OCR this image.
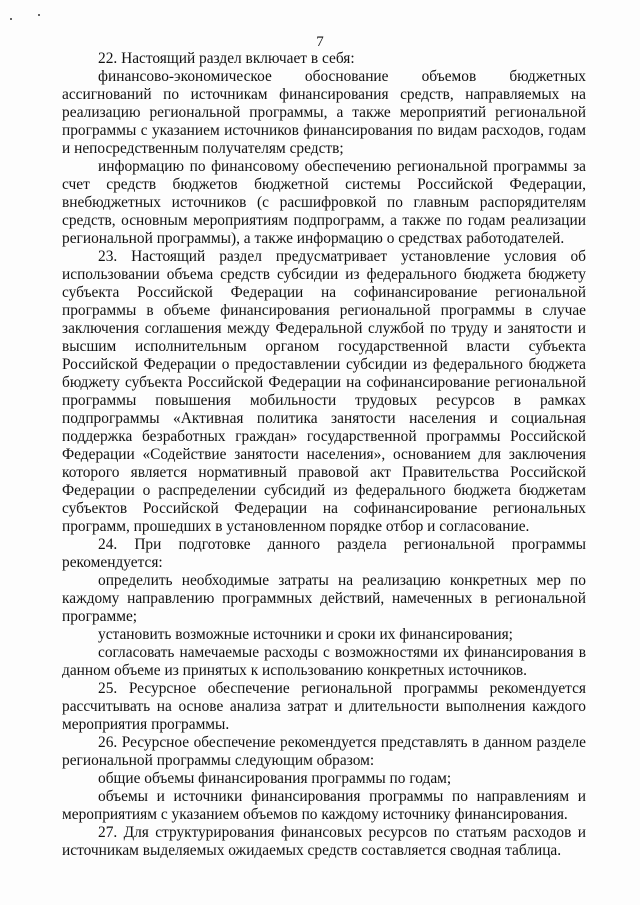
7

22. Настоящий раздел включает в себя:

финансово-экономическое обоснование объемов бюджетных ассигнований по источникам финансирования средств, направляемых на реализацию региональной программы, а также мероприятий региональной программы с указанием источников финансирования по видам расходов, годам и непосредственным получателям средств;

информацию по финансовому обеспечению региональной программы за счет средств бюджетов бюджетной системы Российской Федерации, внебюджетных источников (с расшифровкой по главным распорядителям средств, основным мероприятиям подпрограмм, а также по годам реализации региональной программы), а также информацию о средствах работодателей.

23. Настоящий раздел предусматривает установление условия об использовании объема средств субсидии из федерального бюджета бюджету субъекта Российской Федерации на софинансирование региональной программы в объеме финансирования региональной программы в случае заключения соглашения между Федеральной службой по труду и занятости и высшим исполнительным органом государственной власти субъекта Российской Федерации о предоставлении субсидии из федерального бюджета бюджету субъекта Российской Федерации на софинансирование региональной программы повышения мобильности трудовых ресурсов в рамках подпрограммы «Активная политика занятости населения и социальная поддержка безработных граждан» государственной программы Российской Федерации «Содействие занятости населения», основанием для заключения которого является нормативный правовой акт Правительства Российской Федерации о распределении субсидий из федерального бюджета бюджетам субъектов Российской Федерации на софинансирование региональных программ, прошедших в установленном порядке отбор и согласование.

24. При подготовке данного раздела региональной программы рекомендуется:

определить необходимые затраты на реализацию конкретных мер по каждому направлению программных действий, намеченных в региональной программе;

установить возможные источники и сроки их финансирования;

согласовать намечаемые расходы с возможностями их финансирования в данном объеме из принятых к использованию конкретных источников.

25. Ресурсное обеспечение региональной программы рекомендуется рассчитывать на основе анализа затрат и длительности выполнения каждого мероприятия программы.

26. Ресурсное обеспечение рекомендуется представлять в данном разделе региональной программы следующим образом:

общие объемы финансирования программы по годам;

объемы и источники финансирования программы по направлениям и мероприятиям с указанием объемов по каждому источнику финансирования.

27. Для структурирования финансовых ресурсов по статьям расходов и источникам выделяемых ожидаемых средств составляется сводная таблица.
